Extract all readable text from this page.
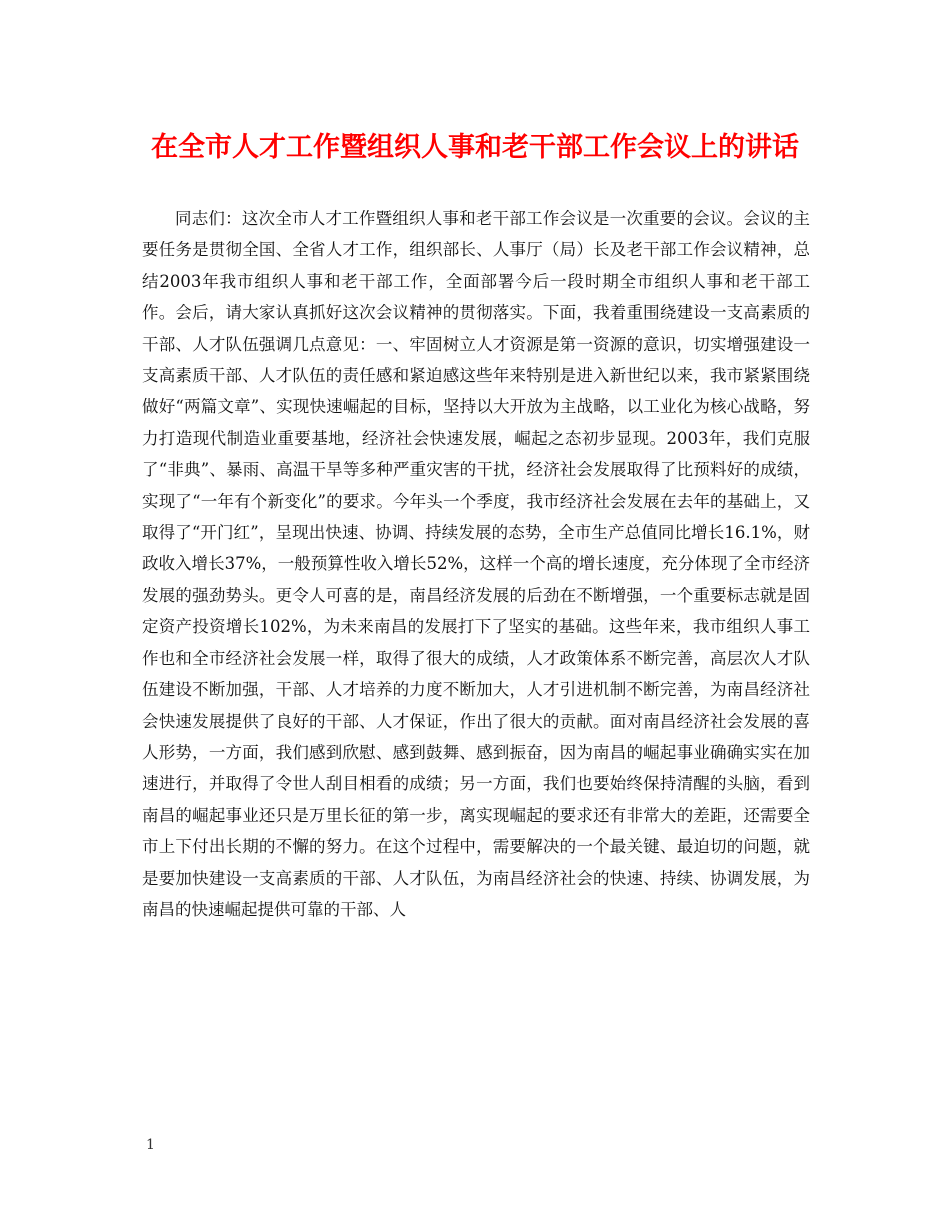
在全市人才工作暨组织人事和老干部工作会议上的讲话

同志们：这次全市人才工作暨组织人事和老干部工作会议是一次重要的会议。会议的主要任务是贯彻全国、全省人才工作，组织部长、人事厅（局）长及老干部工作会议精神，总结2003年我市组织人事和老干部工作，全面部署今后一段时期全市组织人事和老干部工作。会后，请大家认真抓好这次会议精神的贯彻落实。下面，我着重围绕建设一支高素质的干部、人才队伍强调几点意见：一、牢固树立人才资源是第一资源的意识，切实增强建设一支高素质干部、人才队伍的责任感和紧迫感这些年来特别是进入新世纪以来，我市紧紧围绕做好“两篇文章”、实现快速崛起的目标，坚持以大开放为主战略，以工业化为核心战略，努力打造现代制造业重要基地，经济社会快速发展，崛起之态初步显现。2003年，我们克服了“非典”、暴雨、高温干旱等多种严重灾害的干扰，经济社会发展取得了比预料好的成绩，实现了“一年有个新变化”的要求。今年头一个季度，我市经济社会发展在去年的基础上，又取得了“开门红”，呈现出快速、协调、持续发展的态势，全市生产总值同比增长16.1%，财政收入增长37%，一般预算性收入增长52%，这样一个高的增长速度，充分体现了全市经济发展的强劲势头。更令人可喜的是，南昌经济发展的后劲在不断增强，一个重要标志就是固定资产投资增长102%，为未来南昌的发展打下了坚实的基础。这些年来，我市组织人事工作也和全市经济社会发展一样，取得了很大的成绩，人才政策体系不断完善，高层次人才队伍建设不断加强，干部、人才培养的力度不断加大，人才引进机制不断完善，为南昌经济社会快速发展提供了良好的干部、人才保证，作出了很大的贡献。面对南昌经济社会发展的喜人形势，一方面，我们感到欣慰、感到鼓舞、感到振奋，因为南昌的崛起事业确确实实在加速进行，并取得了令世人刮目相看的成绩；另一方面，我们也要始终保持清醒的头脑，看到南昌的崛起事业还只是万里长征的第一步，离实现崛起的要求还有非常大的差距，还需要全市上下付出长期的不懈的努力。在这个过程中，需要解决的一个最关键、最迫切的问题，就是要加快建设一支高素质的干部、人才队伍，为南昌经济社会的快速、持续、协调发展，为南昌的快速崛起提供可靠的干部、人

1
